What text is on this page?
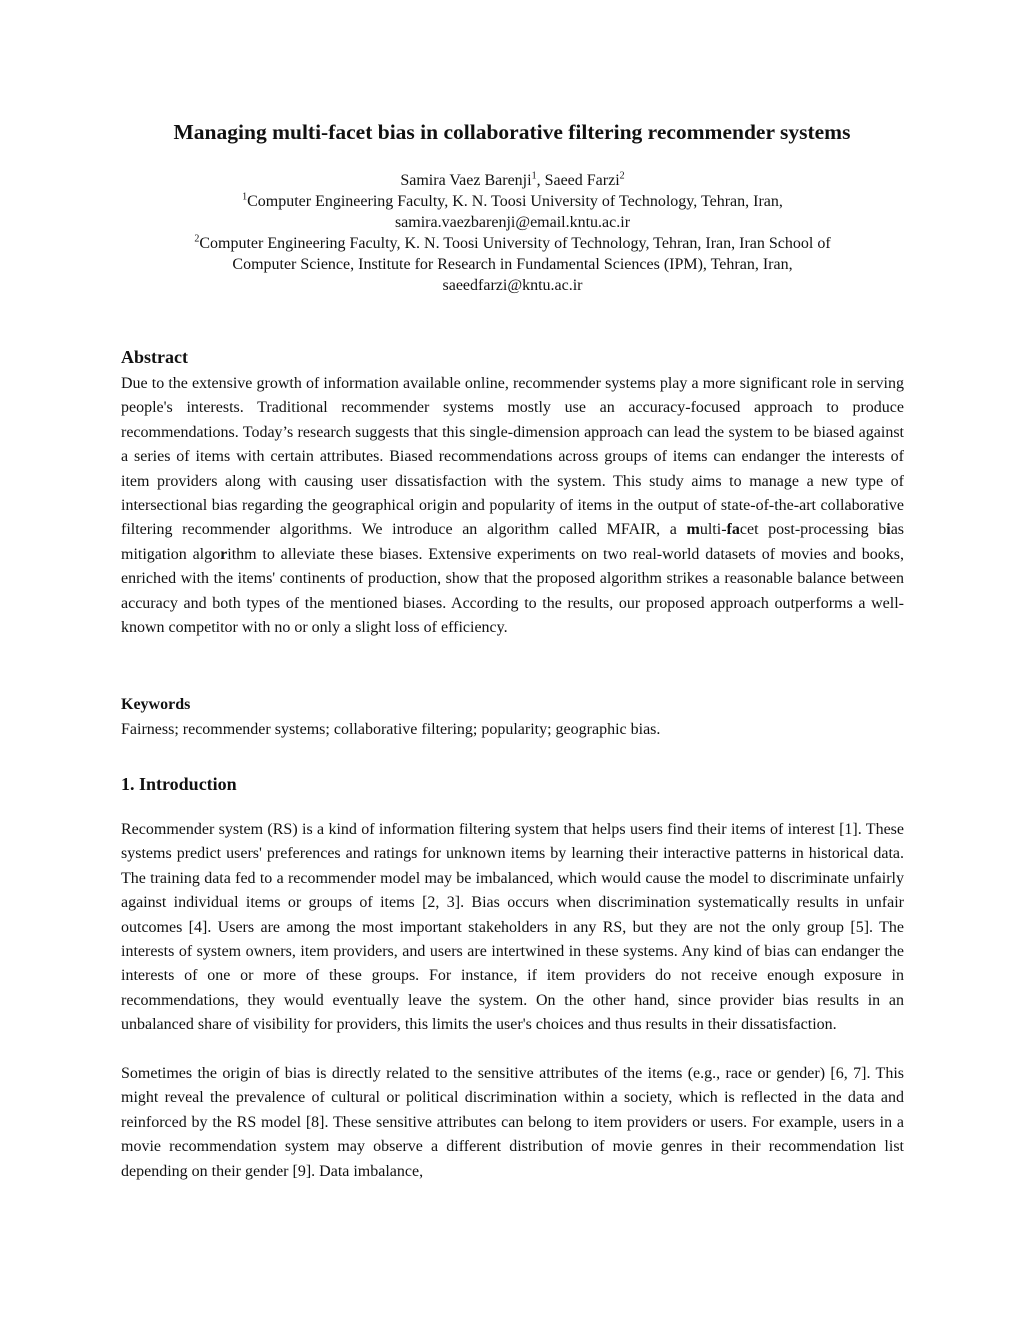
Managing multi-facet bias in collaborative filtering recommender systems

Samira Vaez Barenji$^1$, Saeed Farzi$^2$

$^1$Computer Engineering Faculty, K. N. Toosi University of Technology, Tehran, Iran,

samira.vaezbarenji@email.kntu.ac.ir

$^2$Computer Engineering Faculty, K. N. Toosi University of Technology, Tehran, Iran, Iran School of

Computer Science, Institute for Research in Fundamental Sciences (IPM), Tehran, Iran,

saeedfarzi@kntu.ac.ir

Abstract

Due to the extensive growth of information available online, recommender systems play a more significant role in serving people's interests. Traditional recommender systems mostly use an accuracy-focused approach to produce recommendations. Today’s research suggests that this single-dimension approach can lead the system to be biased against a series of items with certain attributes. Biased recommendations across groups of items can endanger the interests of item providers along with causing user dissatisfaction with the system. This study aims to manage a new type of intersectional bias regarding the geographical origin and popularity of items in the output of state-of-the-art collaborative filtering recommender algorithms. We introduce an algorithm called MFAIR, a multi-facet post-processing bias mitigation algorithm to alleviate these biases. Extensive experiments on two real-world datasets of movies and books, enriched with the items' continents of production, show that the proposed algorithm strikes a reasonable balance between accuracy and both types of the mentioned biases. According to the results, our proposed approach outperforms a well-known competitor with no or only a slight loss of efficiency.

Keywords

Fairness; recommender systems; collaborative filtering; popularity; geographic bias.

1. Introduction

Recommender system (RS) is a kind of information filtering system that helps users find their items of interest [1]. These systems predict users' preferences and ratings for unknown items by learning their interactive patterns in historical data. The training data fed to a recommender model may be imbalanced, which would cause the model to discriminate unfairly against individual items or groups of items [2, 3]. Bias occurs when discrimination systematically results in unfair outcomes [4]. Users are among the most important stakeholders in any RS, but they are not the only group [5]. The interests of system owners, item providers, and users are intertwined in these systems. Any kind of bias can endanger the interests of one or more of these groups. For instance, if item providers do not receive enough exposure in recommendations, they would eventually leave the system. On the other hand, since provider bias results in an unbalanced share of visibility for providers, this limits the user's choices and thus results in their dissatisfaction.

Sometimes the origin of bias is directly related to the sensitive attributes of the items (e.g., race or gender) [6, 7]. This might reveal the prevalence of cultural or political discrimination within a society, which is reflected in the data and reinforced by the RS model [8]. These sensitive attributes can belong to item providers or users. For example, users in a movie recommendation system may observe a different distribution of movie genres in their recommendation list depending on their gender [9]. Data imbalance,
